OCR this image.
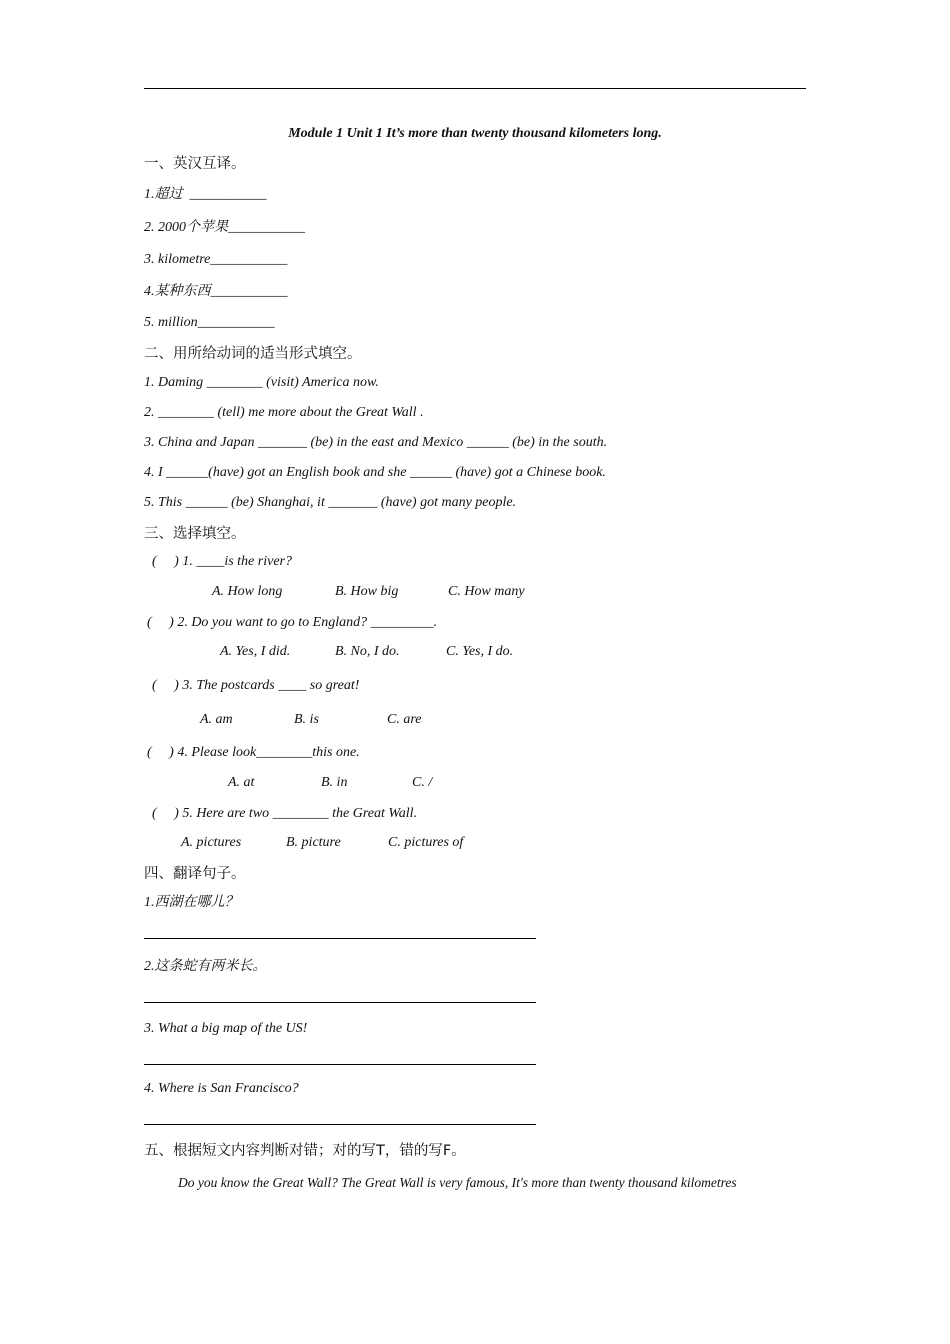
Module 1 Unit 1 It’s more than twenty thousand kilometers long.
一、英汉互译。
1.超过  ___________
2. 2000个苹果___________
3. kilometre___________
4.某种东西___________
5. million___________
二、用所给动词的适当形式填空。
1. Daming ________ (visit) America now.
2. ________ (tell) me more about the Great Wall .
3. China and Japan _______ (be) in the east and Mexico ______ (be) in the south.
4. I ______(have) got an English book and she ______ (have) got a Chinese book.
5. This ______ (be) Shanghai, it _______ (have) got many people.
三、选择填空。
(     ) 1. ____is the river?
A. How long	B. How big	C. How many
(     ) 2. Do you want to go to England? _________.
A. Yes, I did.	B. No, I do.	C. Yes, I do.
(     ) 3. The postcards ____ so great!
A. am	B. is	C. are
(     ) 4. Please look________this one.
A. at	B. in	C. /
(     ) 5. Here are two ________ the Great Wall.
A. pictures	B. picture	C. pictures of
四、翻译句子。
1.西湖在哪儿？
2.这条蛇有两米长。
3. What a big map of the US!
4. Where is San Francisco?
五、根据短文内容判断对错；对的写T，错的写F。
Do you know the Great Wall? The Great Wall is very famous, It's more than twenty thousand kilometres
